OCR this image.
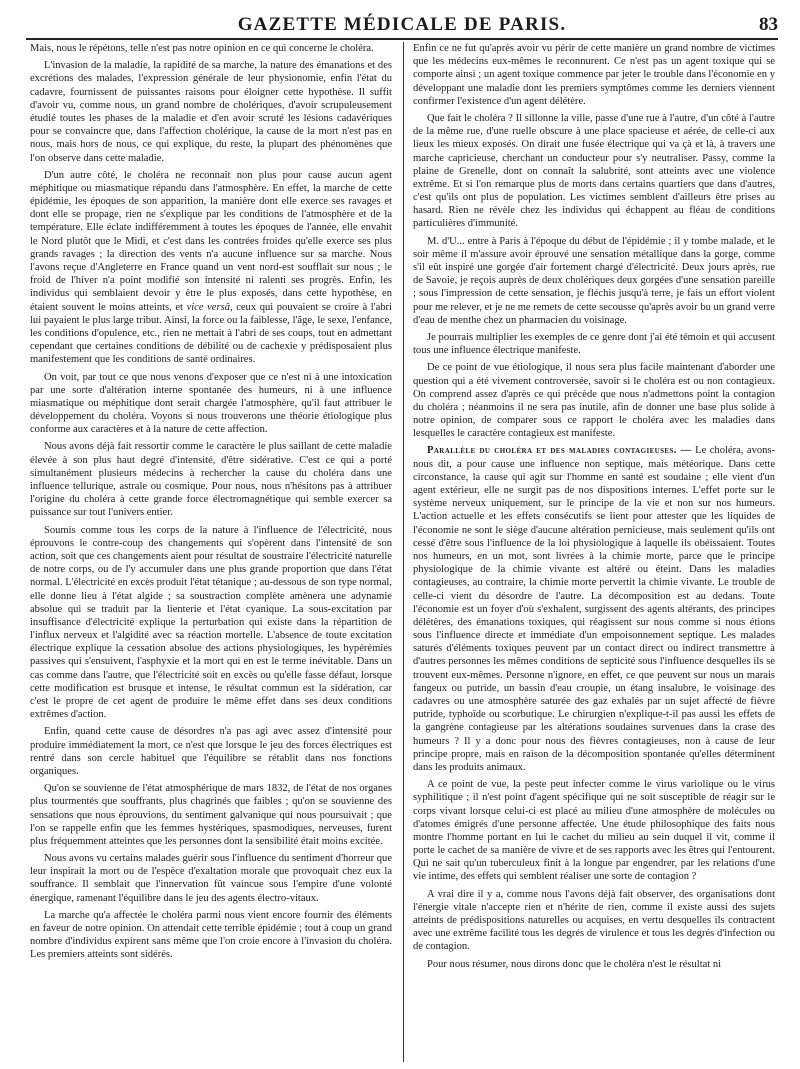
GAZETTE MÉDICALE DE PARIS.	83

Mais, nous le répétons, telle n'est pas notre opinion en ce qui concerne le choléra.

L'invasion de la maladie, la rapidité de sa marche, la nature des émanations et des excrétions des malades, l'expression générale de leur physionomie, enfin l'état du cadavre, fournissent de puissantes raisons pour éloigner cette hypothèse. Il suffit d'avoir vu, comme nous, un grand nombre de cholériques, d'avoir scrupuleusement étudié toutes les phases de la maladie et d'en avoir scruté les lésions cadavériques pour se convaincre que, dans l'affection cholérique, la cause de la mort n'est pas en nous, mais hors de nous, ce qui explique, du reste, la plupart des phénomènes que l'on observe dans cette maladie.

D'un autre côté, le choléra ne reconnaît non plus pour cause aucun agent méphitique ou miasmatique répandu dans l'atmosphère. En effet, la marche de cette épidémie, les époques de son apparition, la manière dont elle exerce ses ravages et dont elle se propage, rien ne s'explique par les conditions de l'atmosphère et de la température. Elle éclate indifféremment à toutes les époques de l'année, elle envahit le Nord plutôt que le Midi, et c'est dans les contrées froides qu'elle exerce ses plus grands ravages ; la direction des vents n'a aucune influence sur sa marche. Nous l'avons reçue d'Angleterre en France quand un vent nord-est soufflait sur nous ; le froid de l'hiver n'a point modifié son intensité ni ralenti ses progrès. Enfin, les individus qui semblaient devoir y être le plus exposés, dans cette hypothèse, en étaient souvent le moins atteints, et vice versâ, ceux qui pouvaient se croire à l'abri lui payaient le plus large tribut. Ainsi, la force ou la faiblesse, l'âge, le sexe, l'enfance, les conditions d'opulence, etc., rien ne mettait à l'abri de ses coups, tout en admettant cependant que certaines conditions de débilité ou de cachexie y prédisposaient plus manifestement que les conditions de santé ordinaires.

On voit, par tout ce que nous venons d'exposer que ce n'est ni à une intoxication par une sorte d'altération interne spontanée des humeurs, ni à une influence miasmatique ou méphitique dont serait chargée l'atmosphère, qu'il faut attribuer le développement du choléra. Voyons si nous trouverons une théorie étiologique plus conforme aux caractères et à la nature de cette affection.

Nous avons déjà fait ressortir comme le caractère le plus saillant de cette maladie élevée à son plus haut degré d'intensité, d'être sidérative. C'est ce qui a porté simultanément plusieurs médecins à rechercher la cause du choléra dans une influence tellurique, astrale ou cosmique. Pour nous, nous n'hésitons pas à attribuer l'origine du choléra à cette grande force électromagnétique qui semble exercer sa puissance sur tout l'univers entier.

Soumis comme tous les corps de la nature à l'influence de l'électricité, nous éprouvons le contre-coup des changements qui s'opèrent dans l'intensité de son action, soit que ces changements aient pour résultat de soustraire l'électricité naturelle de notre corps, ou de l'y accumuler dans une plus grande proportion que dans l'état normal. L'électricité en excès produit l'état tétanique ; au-dessous de son type normal, elle donne lieu à l'état algide ; sa soustraction complète amènera une adynamie absolue qui se traduit par la lienterie et l'état cyanique. La sous-excitation par insuffisance d'électricité explique la perturbation qui existe dans la répartition de l'influx nerveux et l'algidité avec sa réaction mortelle. L'absence de toute excitation électrique explique la cessation absolue des actions physiologiques, les hypérémies passives qui s'ensuivent, l'asphyxie et la mort qui en est le terme inévitable. Dans un cas comme dans l'autre, que l'électricité soit en excès ou qu'elle fasse défaut, lorsque cette modification est brusque et intense, le résultat commun est la sidération, car c'est le propre de cet agent de produire le même effet dans ses deux conditions extrêmes d'action.

Enfin, quand cette cause de désordres n'a pas agi avec assez d'intensité pour produire immédiatement la mort, ce n'est que lorsque le jeu des forces électriques est rentré dans son cercle habituel que l'équilibre se rétablit dans nos fonctions organiques.

Qu'on se souvienne de l'état atmosphérique de mars 1832, de l'état de nos organes plus tourmentés que souffrants, plus chagrinés que faibles ; qu'on se souvienne des sensations que nous éprouvions, du sentiment galvanique qui nous poursuivait ; que l'on se rappelle enfin que les femmes hystériques, spasmodiques, nerveuses, furent plus fréquemment atteintes que les personnes dont la sensibilité était moins excitée.

Nous avons vu certains malades guérir sous l'influence du sentiment d'horreur que leur inspirait la mort ou de l'espèce d'exaltation morale que provoquait chez eux la souffrance. Il semblait que l'innervation fût vaincue sous l'empire d'une volonté énergique, ramenant l'équilibre dans le jeu des agents électro-vitaux.

La marche qu'a affectée le choléra parmi nous vient encore fournir des éléments en faveur de notre opinion. On attendait cette terrible épidémie ; tout à coup un grand nombre d'individus expirent sans même que l'on croie encore à l'invasion du choléra. Les premiers atteints sont sidérés.

Enfin ce ne fut qu'après avoir vu périr de cette manière un grand nombre de victimes que les médecins eux-mêmes le reconnurent. Ce n'est pas un agent toxique qui se comporte ainsi ; un agent toxique commence par jeter le trouble dans l'économie en y développant une maladie dont les premiers symptômes comme les derniers viennent confirmer l'existence d'un agent délétère.

Que fait le choléra ? Il sillonne la ville, passe d'une rue à l'autre, d'un côté à l'autre de la même rue, d'une ruelle obscure à une place spacieuse et aérée, de celle-ci aux lieux les mieux exposés. On dirait une fusée électrique qui va çà et là, à travers une marche capricieuse, cherchant un conducteur pour s'y neutraliser. Passy, comme la plaine de Grenelle, dont on connaît la salubrité, sont atteints avec une violence extrême. Et si l'on remarque plus de morts dans certains quartiers que dans d'autres, c'est qu'ils ont plus de population. Les victimes semblent d'ailleurs être prises au hasard. Rien ne révèle chez les individus qui échappent au fléau de conditions particulières d'immunité.

M. d'U... entre à Paris à l'époque du début de l'épidémie ; il y tombe malade, et le soir même il m'assure avoir éprouvé une sensation métallique dans la gorge, comme s'il eût inspiré une gorgée d'air fortement chargé d'électricité. Deux jours après, rue de Savoie, je reçois auprès de deux cholériques deux gorgées d'une sensation pareille ; sous l'impression de cette sensation, je fléchis jusqu'à terre, je fais un effort violent pour me relever, et je ne me remets de cette secousse qu'après avoir bu un grand verre d'eau de menthe chez un pharmacien du voisinage.

Je pourrais multiplier les exemples de ce genre dont j'ai été témoin et qui accusent tous une influence électrique manifeste.

De ce point de vue étiologique, il nous sera plus facile maintenant d'aborder une question qui a été vivement controversée, savoir si le choléra est ou non contagieux. On comprend assez d'après ce qui précède que nous n'admettons point la contagion du choléra ; néanmoins il ne sera pas inutile, afin de donner une base plus solide à notre opinion, de comparer sous ce rapport le choléra avec les maladies dans lesquelles le caractère contagieux est manifeste.

Parallèle du choléra et des maladies contagieuses. — Le choléra, avons-nous dit, a pour cause une influence non septique, mais météorique. Dans cette circonstance, la cause qui agit sur l'homme en santé est soudaine ; elle vient d'un agent extérieur, elle ne surgit pas de nos dispositions internes. L'effet porte sur le système nerveux uniquement, sur le principe de la vie et non sur nos humeurs. L'action actuelle et les effets consécutifs se lient pour attester que les liquides de l'économie ne sont le siège d'aucune altération pernicieuse, mais seulement qu'ils ont cessé d'être sous l'influence de la loi physiologique à laquelle ils obéissaient. Toutes nos humeurs, en un mot, sont livrées à la chimie morte, parce que le principe physiologique de la chimie vivante est altéré ou éteint. Dans les maladies contagieuses, au contraire, la chimie morte pervertit la chimie vivante. Le trouble de celle-ci vient du désordre de l'autre. La décomposition est au dedans. Toute l'économie est un foyer d'où s'exhalent, surgissent des agents altérants, des principes délétères, des émanations toxiques, qui réagissent sur nous comme si nous étions sous l'influence directe et immédiate d'un empoisonnement septique. Les malades saturés d'éléments toxiques peuvent par un contact direct ou indirect transmettre à d'autres personnes les mêmes conditions de septicité sous l'influence desquelles ils se trouvent eux-mêmes. Personne n'ignore, en effet, ce que peuvent sur nous un marais fangeux ou putride, un bassin d'eau croupie, un étang insalubre, le voisinage des cadavres ou une atmosphère saturée des gaz exhalés par un sujet affecté de fièvre putride, typhoïde ou scorbutique. Le chirurgien n'explique-t-il pas aussi les effets de la gangrène contagieuse par les altérations soudaines survenues dans la crase des humeurs ? Il y a donc pour nous des fièvres contagieuses, non à cause de leur principe propre, mais en raison de la décomposition spontanée qu'elles déterminent dans les produits animaux.

A ce point de vue, la peste peut infecter comme le virus variolique ou le virus syphilitique ; il n'est point d'agent spécifique qui ne soit susceptible de réagir sur le corps vivant lorsque celui-ci est placé au milieu d'une atmosphère de molécules ou d'atomes émigrés d'une personne affectée. Une étude philosophique des faits nous montre l'homme portant en lui le cachet du milieu au sein duquel il vit, comme il porte le cachet de sa manière de vivre et de ses rapports avec les êtres qui l'entourent. Qui ne sait qu'un tuberculeux finit à la longue par engendrer, par les relations d'une vie intime, des effets qui semblent réaliser une sorte de contagion ?

A vrai dire il y a, comme nous l'avons déjà fait observer, des organisations dont l'énergie vitale n'accepte rien et n'hérite de rien, comme il existe aussi des sujets atteints de prédispositions naturelles ou acquises, en vertu desquelles ils contractent avec une extrême facilité tous les degrés de virulence et tous les degrés d'infection ou de contagion.

Pour nous résumer, nous dirons donc que le choléra n'est le résultat ni
